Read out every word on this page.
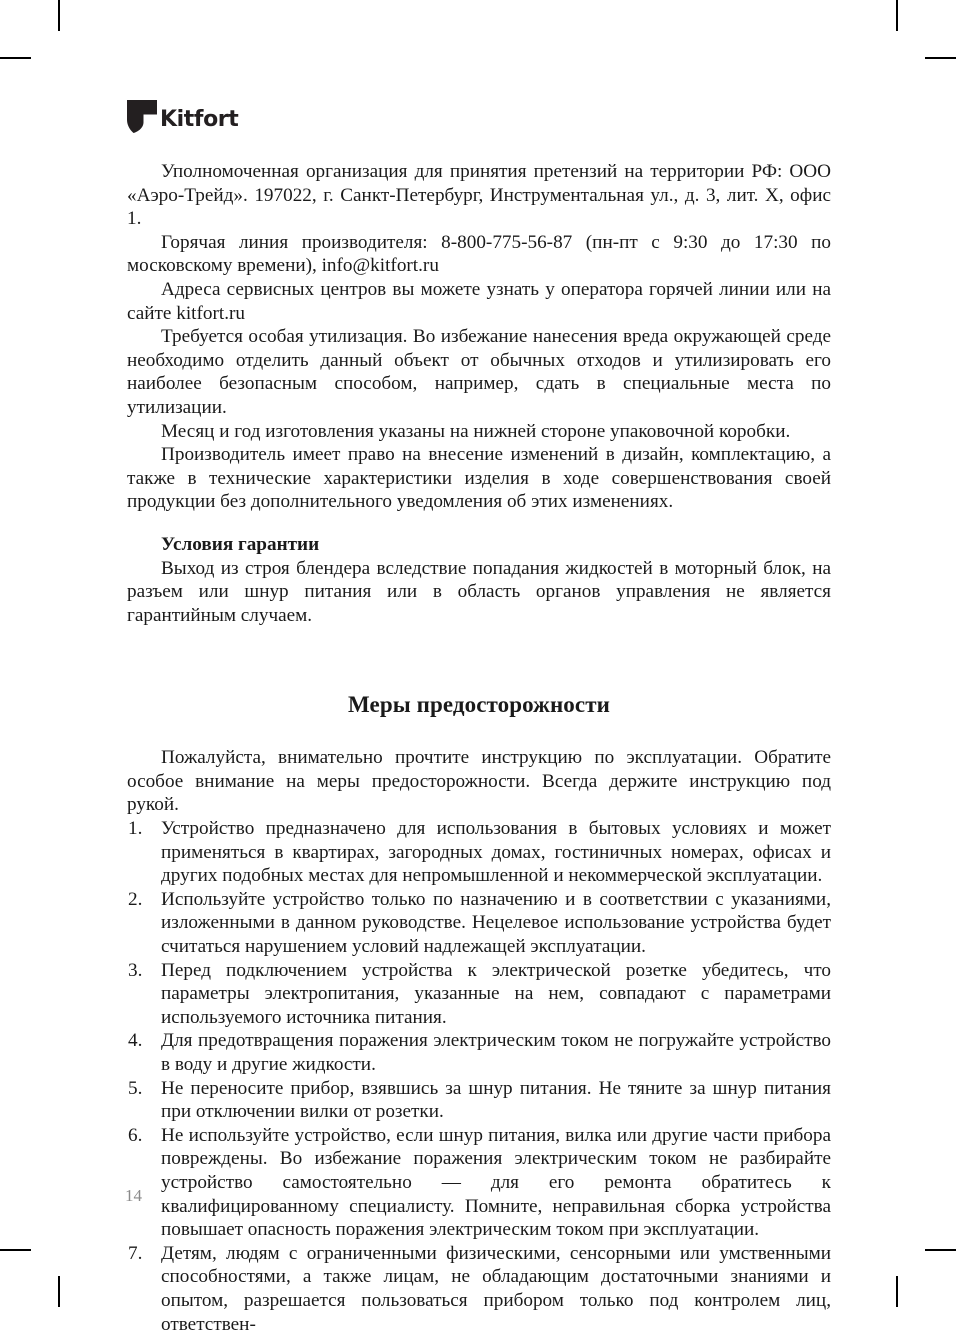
Kitfort

Уполномоченная организация для принятия претензий на территории РФ: ООО «Аэро-Трейд». 197022, г. Санкт-Петербург, Инструментальная ул., д. 3, лит. Х, офис 1.

Горячая линия производителя: 8-800-775-56-87 (пн-пт с 9:30 до 17:30 по московскому времени), info@kitfort.ru

Адреса сервисных центров вы можете узнать у оператора горячей линии или на сайте kitfort.ru

Требуется особая утилизация. Во избежание нанесения вреда окружающей среде необходимо отделить данный объект от обычных отходов и утилизировать его наиболее безопасным способом, например, сдать в специальные места по утилизации.

Месяц и год изготовления указаны на нижней стороне упаковочной коробки.

Производитель имеет право на внесение изменений в дизайн, комплектацию, а также в технические характеристики изделия в ходе совершенствования своей продукции без дополнительного уведомления об этих изменениях.

Условия гарантии

Выход из строя блендера вследствие попадания жидкостей в моторный блок, на разъем или шнур питания или в область органов управления не является гарантийным случаем.

Меры предосторожности

Пожалуйста, внимательно прочтите инструкцию по эксплуатации. Обратите особое внимание на меры предосторожности. Всегда держите инструкцию под рукой.

1. Устройство предназначено для использования в бытовых условиях и может применяться в квартирах, загородных домах, гостиничных номерах, офисах и других подобных местах для непромышленной и некоммерческой эксплуатации.
2. Используйте устройство только по назначению и в соответствии с указаниями, изложенными в данном руководстве. Нецелевое использование устройства будет считаться нарушением условий надлежащей эксплуатации.
3. Перед подключением устройства к электрической розетке убедитесь, что параметры электропитания, указанные на нем, совпадают с параметрами используемого источника питания.
4. Для предотвращения поражения электрическим током не погружайте устройство в воду и другие жидкости.
5. Не переносите прибор, взявшись за шнур питания. Не тяните за шнур питания при отключении вилки от розетки.
6. Не используйте устройство, если шнур питания, вилка или другие части прибора повреждены. Во избежание поражения электрическим током не разбирайте устройство самостоятельно — для его ремонта обратитесь к квалифицированному специалисту. Помните, неправильная сборка устройства повышает опасность поражения электрическим током при эксплуатации.
7. Детям, людям с ограниченными физическими, сенсорными или умственными способностями, а также лицам, не обладающим достаточными знаниями и опытом, разрешается пользоваться прибором только под контролем лиц, ответствен-
14
